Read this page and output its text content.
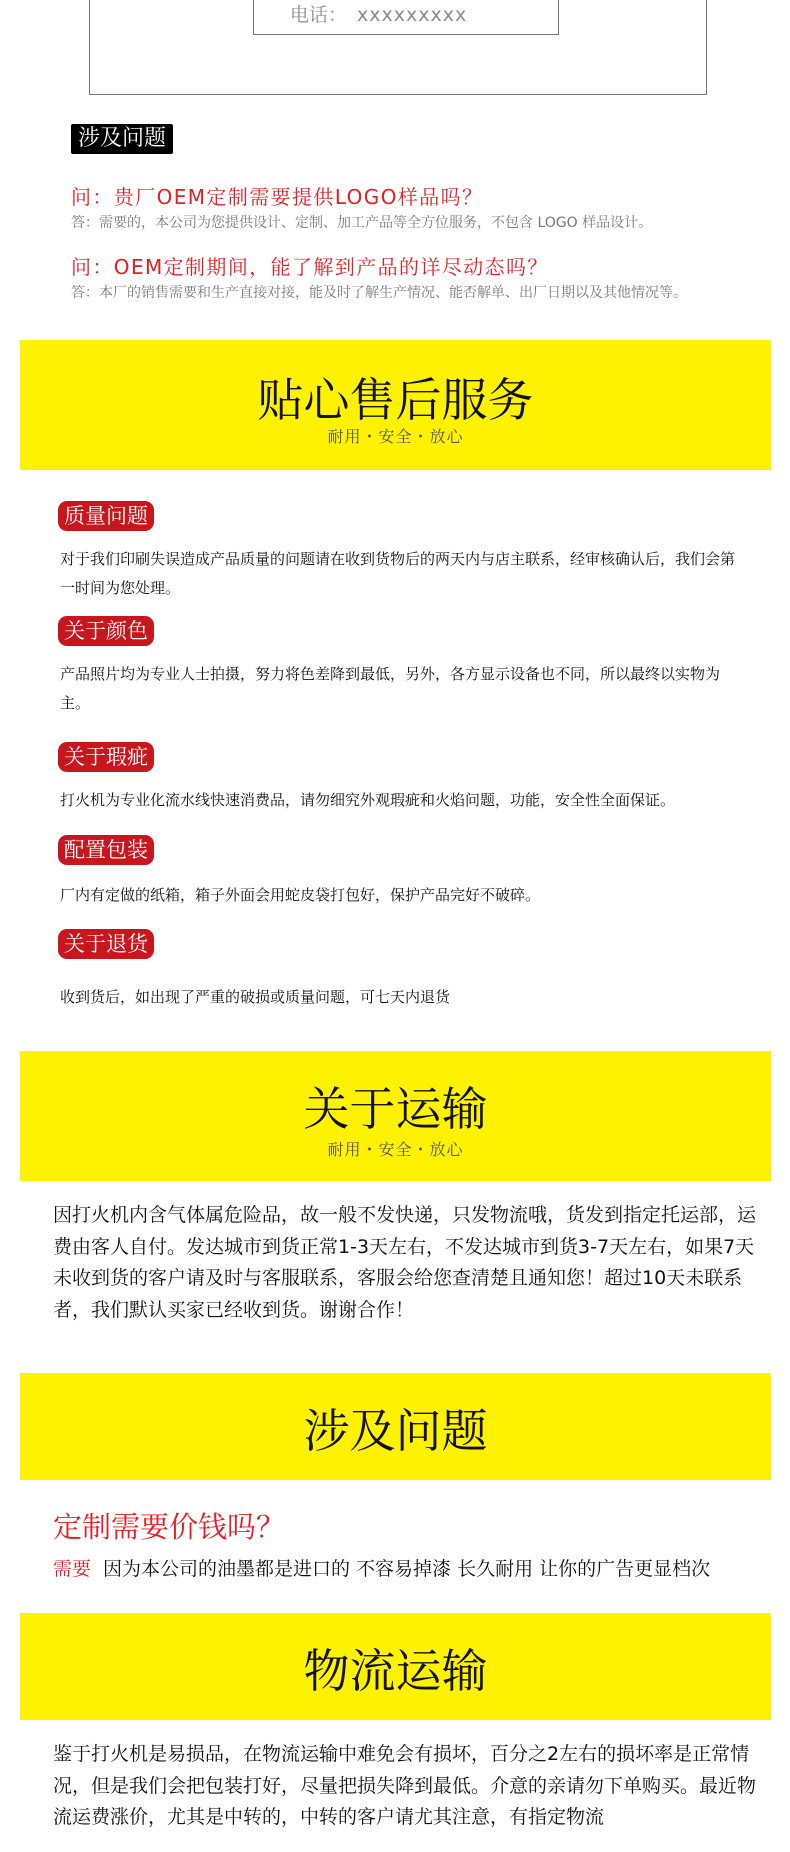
电话： xxxxxxxxx
涉及问题
问：贵厂OEM定制需要提供LOGO样品吗？
答：需要的，本公司为您提供设计、定制、加工产品等全方位服务，不包含 LOGO 样品设计。
问：OEM定制期间，能了解到产品的详尽动态吗？
答：本厂的销售需要和生产直接对接，能及时了解生产情况、能否解单、出厂日期以及其他情况等。
贴心售后服务
耐用・安全・放心
质量问题
对于我们印刷失误造成产品质量的问题请在收到货物后的两天内与店主联系，经审核确认后，我们会第一时间为您处理。
关于颜色
产品照片均为专业人士拍摄，努力将色差降到最低，另外，各方显示设备也不同，所以最终以实物为主。
关于瑕疵
打火机为专业化流水线快速消费品，请勿细究外观瑕疵和火焰问题，功能，安全性全面保证。
配置包装
厂内有定做的纸箱，箱子外面会用蛇皮袋打包好，保护产品完好不破碎。
关于退货
收到货后，如出现了严重的破损或质量问题，可七天内退货
关于运输
耐用・安全・放心
因打火机内含气体属危险品，故一般不发快递，只发物流哦，货发到指定托运部，运费由客人自付。发达城市到货正常1-3天左右，不发达城市到货3-7天左右，如果7天未收到货的客户请及时与客服联系，客服会给您查清楚且通知您！超过10天未联系者，我们默认买家已经收到货。谢谢合作！
涉及问题
定制需要价钱吗？
需要 因为本公司的油墨都是进口的 不容易掉漆 长久耐用 让你的广告更显档次
物流运输
鉴于打火机是易损品，在物流运输中难免会有损坏，百分之2左右的损坏率是正常情况，但是我们会把包装打好，尽量把损失降到最低。介意的亲请勿下单购买。最近物流运费涨价，尤其是中转的，中转的客户请尤其注意，有指定物流
